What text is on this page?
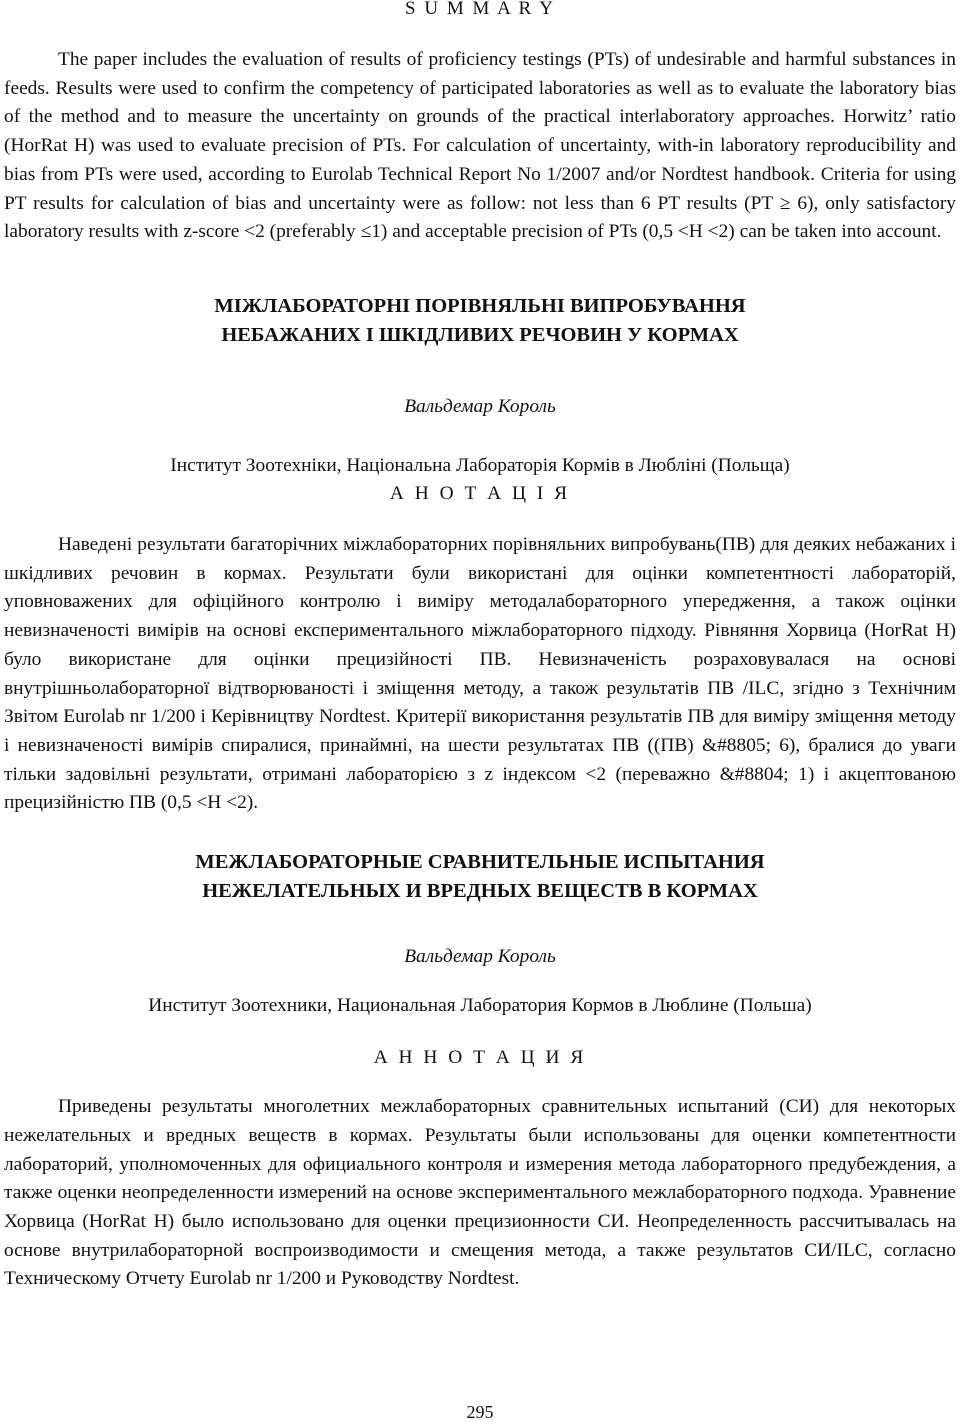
S U M M A R Y

The paper includes the evaluation of results of proficiency testings (PTs) of undesirable and harmful substances in feeds. Results were used to confirm the competency of participated laboratories as well as to evaluate the laboratory bias of the method and to measure the uncertainty on grounds of the practical interlaboratory approaches. Horwitz’ ratio (HorRat H) was used to evaluate precision of PTs. For calculation of uncertainty, with-in laboratory reproducibility and bias from PTs were used, according to Eurolab Technical Report No 1/2007 and/or Nordtest handbook. Criteria for using PT results for calculation of bias and uncertainty were as follow: not less than 6 PT results (PT ≥ 6), only satisfactory laboratory results with z-score <2 (preferably ≤1) and acceptable precision of PTs (0,5 <H <2) can be taken into account.

МІЖЛАБОРАТОРНІ ПОРІВНЯЛЬНІ ВИПРОБУВАННЯ
НЕБАЖАНИХ І ШКІДЛИВИХ РЕЧОВИН У КОРМАХ
Вальдемар Король
Інститут Зоотехніки, Національна Лабораторія Кормів в Любліні (Польща)
А Н О Т А Ц І Я

Наведені результати багаторічних міжлабораторних порівняльних випробувань(ПВ) для деяких небажаних і шкідливих речовин в кормах. Результати були використані для оцінки компетентності лабораторій, уповноважених для офіційного контролю і виміру методалабораторного упередження, а також оцінки невизначеності вимірів на основі експериментального міжлабораторного підходу. Рівняння Хорвица (HorRat H) було використане для оцінки прецизійності ПВ. Невизначеність розраховувалася на основі внутрішньолабораторної відтворюваності і зміщення методу, а також результатів ПВ /ILC, згідно з Технічним Звітом Eurolab nr 1/200 і Керівництву Nordtest. Критерії використання результатів ПВ для виміру зміщення методу і невизначеності вимірів спиралися, принаймні, на шести результатах ПВ ((ПВ) &#8805; 6), бралися до уваги тільки задовільні результати, отримані лабораторією з z індексом <2 (переважно &#8804; 1) і акцептованою прецизійністю ПВ (0,5 <H <2).

МЕЖЛАБОРАТОРНЫЕ СРАВНИТЕЛЬНЫЕ ИСПЫТАНИЯ
НЕЖЕЛАТЕЛЬНЫХ И ВРЕДНЫХ ВЕЩЕСТВ В КОРМАХ
Вальдемар Король
Институт Зоотехники, Национальная Лаборатория Кормов в Люблине (Польша)
А Н Н О Т А Ц И Я

Приведены результаты многолетних межлабораторных сравнительных испытаний (СИ) для некоторых нежелательных и вредных веществ в кормах. Результаты были использованы для оценки компетентности лабораторий, уполномоченных для официального контроля и измерения метода лабораторного предубеждения, а также оценки неопределенности измерений на основе экспериментального межлабораторного подхода. Уравнение Хорвица (HorRat H) было использовано для оценки прецизионности СИ. Неопределенность рассчитывалась на основе внутрилабораторной воспроизводимости и смещения метода, а также результатов СИ/ILC, согласно Техническому Отчету Eurolab nr 1/200 и Руководству Nordtest.

295
